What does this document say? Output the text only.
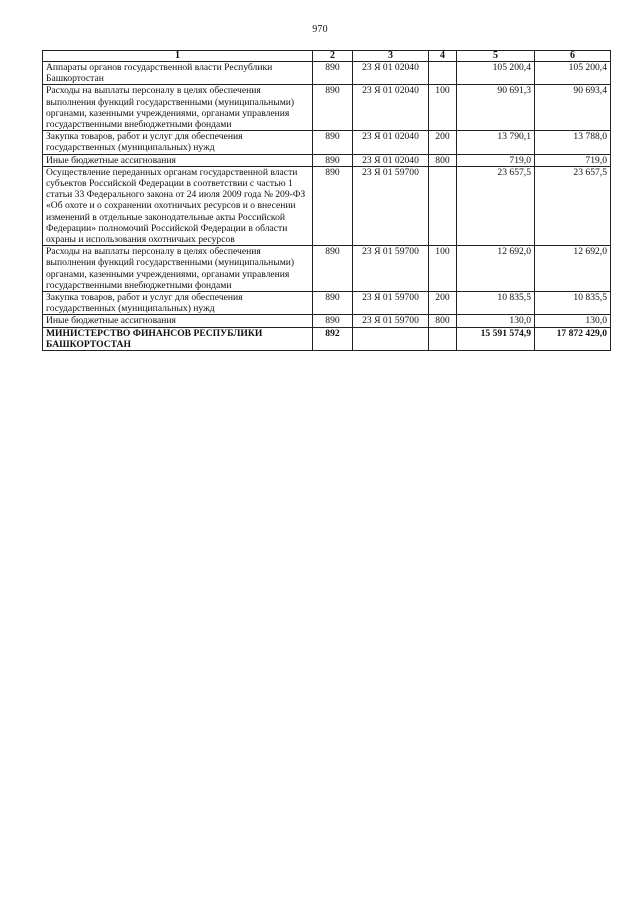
970
1	2	3	4	5	6
Аппараты органов государственной власти Республики Башкортостан	890	23 Я 01 02040		105 200,4	105 200,4
Расходы на выплаты персоналу в целях обеспечения выполнения функций государственными (муниципальными) органами, казенными учреждениями, органами управления государственными внебюджетными фондами	890	23 Я 01 02040	100	90 691,3	90 693,4
Закупка товаров, работ и услуг для обеспечения государственных (муниципальных) нужд	890	23 Я 01 02040	200	13 790,1	13 788,0
Иные бюджетные ассигнования	890	23 Я 01 02040	800	719,0	719,0
Осуществление переданных органам государственной власти субъектов Российской Федерации в соответствии с частью 1 статьи 33 Федерального закона от 24 июля 2009 года № 209-ФЗ «Об охоте и о сохранении охотничьих ресурсов и о внесении изменений в отдельные законодательные акты Российской Федерации» полномочий Российской Федерации в области охраны и использования охотничьих ресурсов	890	23 Я 01 59700		23 657,5	23 657,5
Расходы на выплаты персоналу в целях обеспечения выполнения функций государственными (муниципальными) органами, казенными учреждениями, органами управления государственными внебюджетными фондами	890	23 Я 01 59700	100	12 692,0	12 692,0
Закупка товаров, работ и услуг для обеспечения государственных (муниципальных) нужд	890	23 Я 01 59700	200	10 835,5	10 835,5
Иные бюджетные ассигнования	890	23 Я 01 59700	800	130,0	130,0
МИНИСТЕРСТВО ФИНАНСОВ РЕСПУБЛИКИ БАШКОРТОСТАН	892			15 591 574,9	17 872 429,0
